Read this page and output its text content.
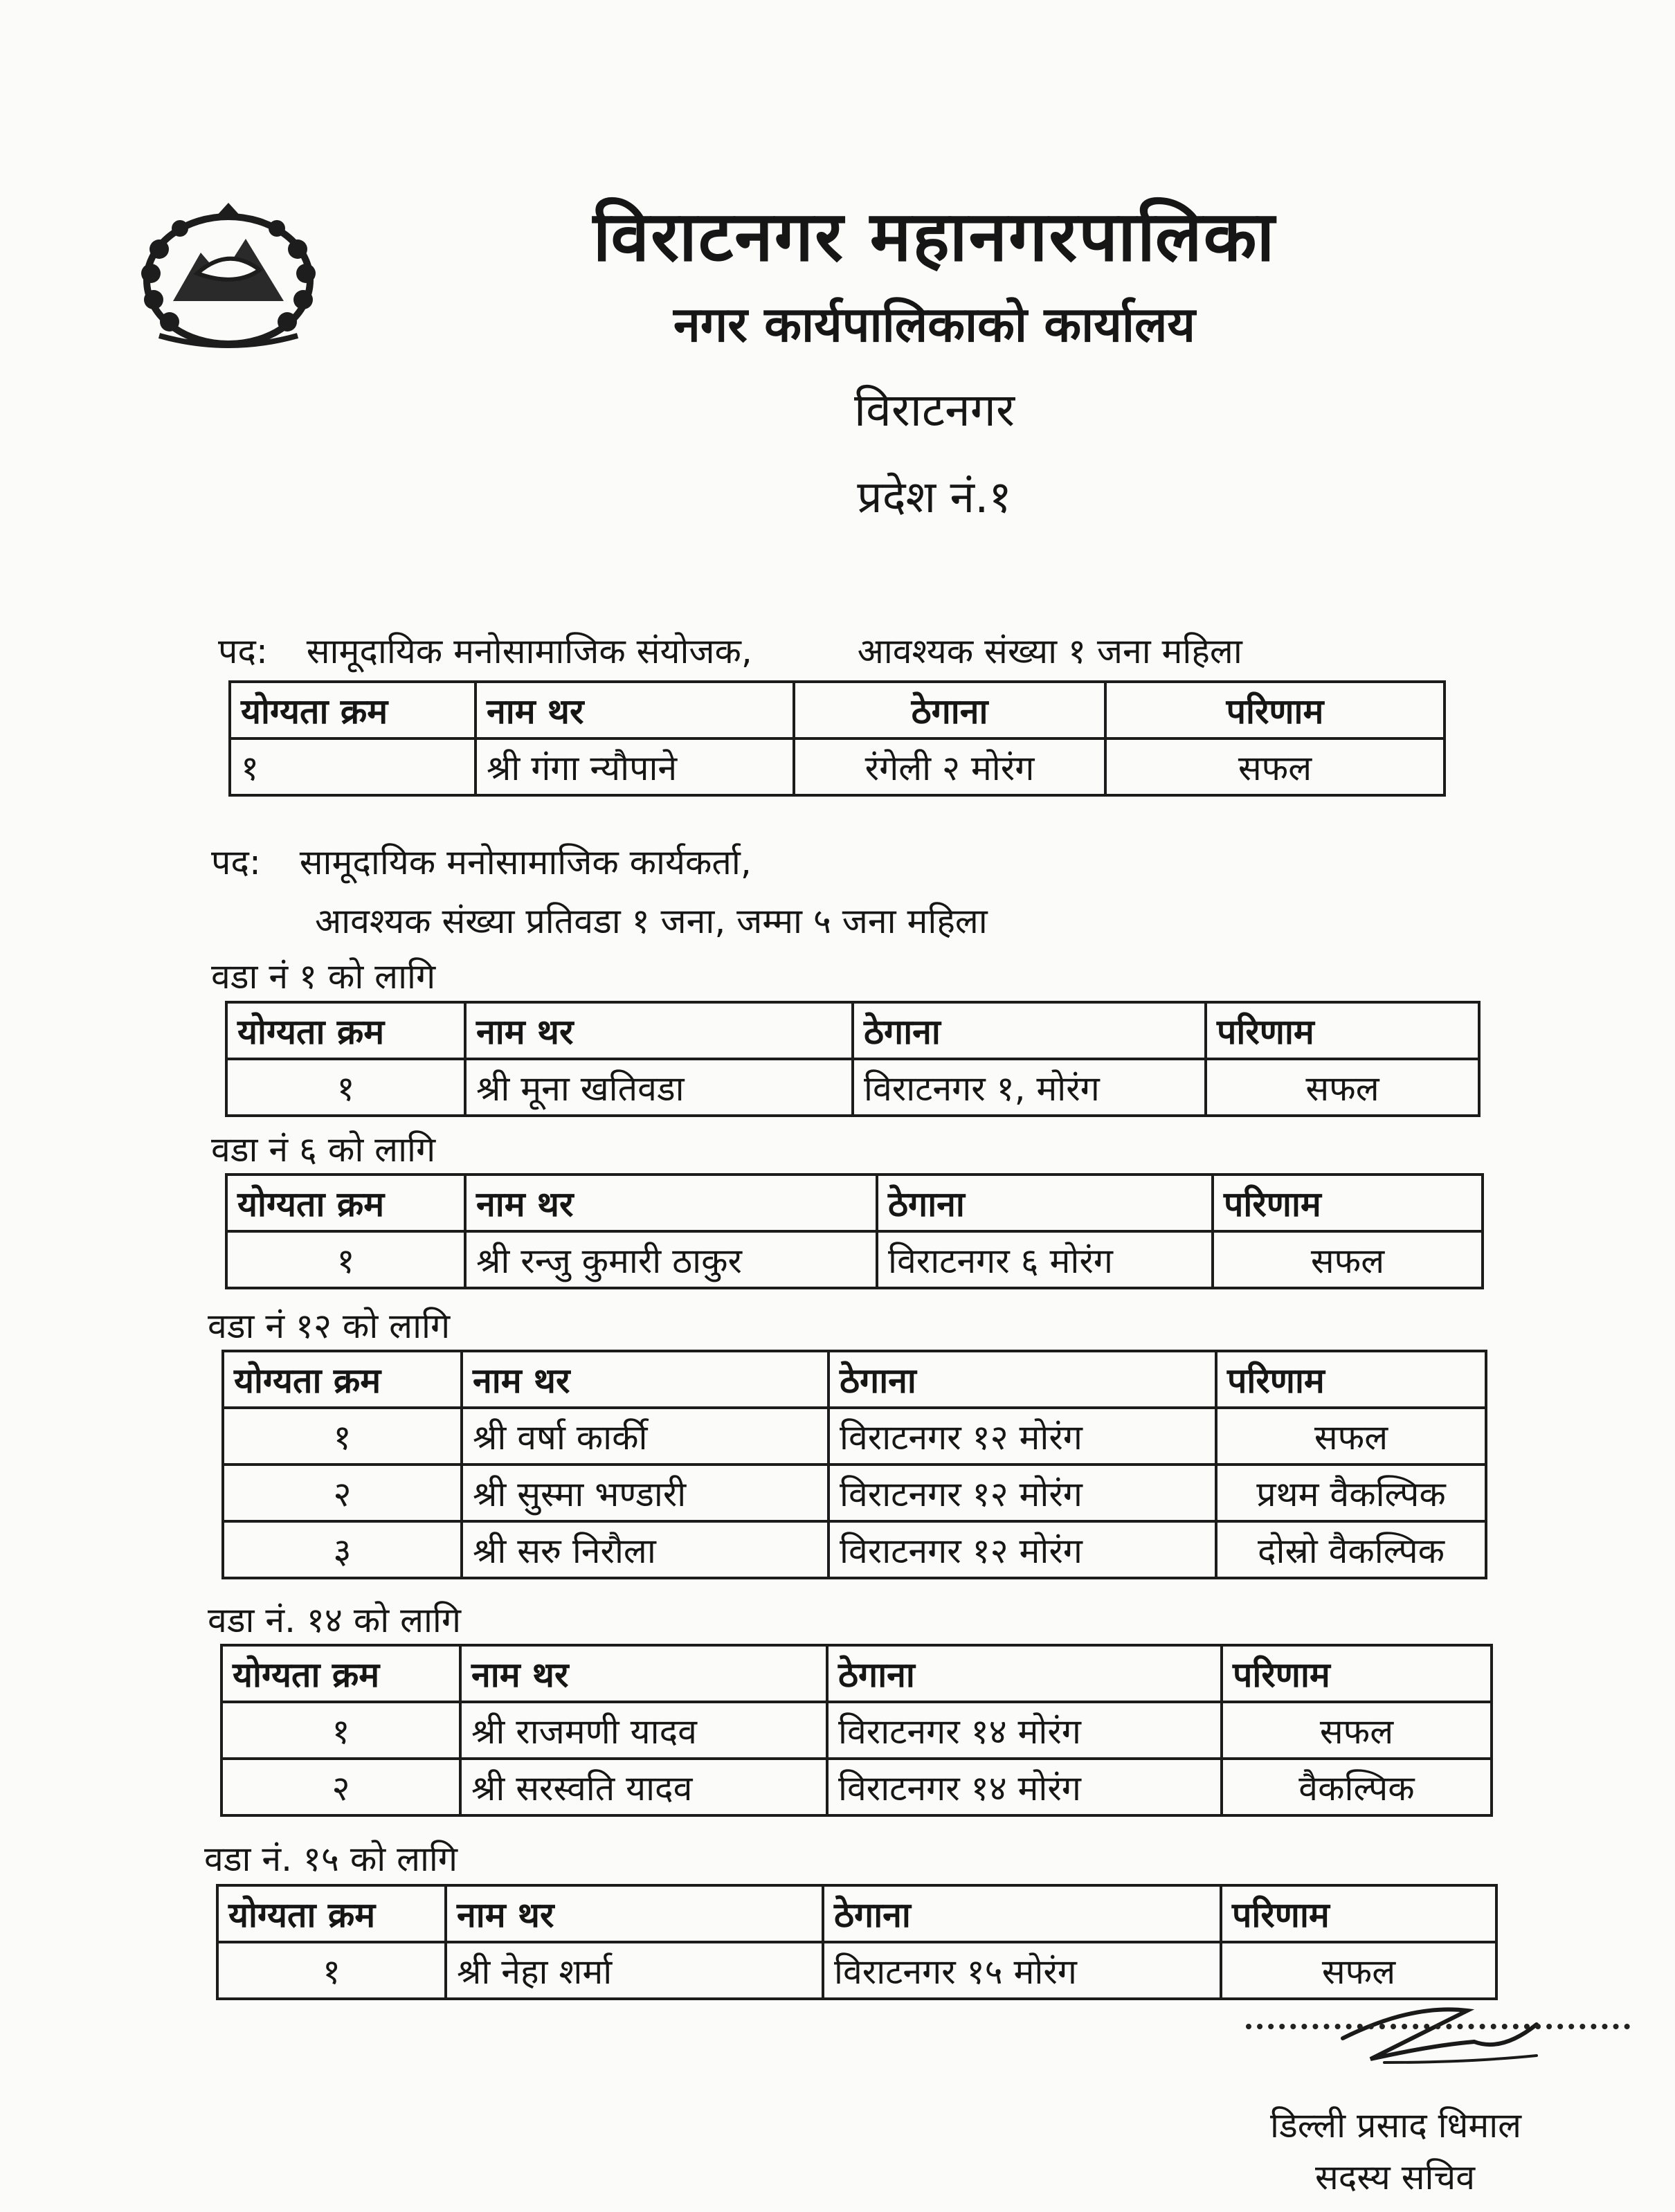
विराटनगर महानगरपालिका
नगर कार्यपालिकाको कार्यालय
विराटनगर
प्रदेश नं.१
पद: सामूदायिक मनोसामाजिक संयोजक,	आवश्यक संख्या १ जना महिला
योग्यता क्रम	नाम थर	ठेगाना	परिणाम
१	श्री गंगा न्यौपाने	रंगेली २ मोरंग	सफल
पद: सामूदायिक मनोसामाजिक कार्यकर्ता,
आवश्यक संख्या प्रतिवडा १ जना, जम्मा ५ जना महिला
वडा नं १ को लागि
योग्यता क्रम	नाम थर	ठेगाना	परिणाम
१	श्री मूना खतिवडा	विराटनगर १, मोरंग	सफल
वडा नं ६ को लागि
योग्यता क्रम	नाम थर	ठेगाना	परिणाम
१	श्री रन्जु कुमारी ठाकुर	विराटनगर ६ मोरंग	सफल
वडा नं १२ को लागि
योग्यता क्रम	नाम थर	ठेगाना	परिणाम
१	श्री वर्षा कार्की	विराटनगर १२ मोरंग	सफल
२	श्री सुस्मा भण्डारी	विराटनगर १२ मोरंग	प्रथम वैकल्पिक
३	श्री सरु निरौला	विराटनगर १२ मोरंग	दोस्रो वैकल्पिक
वडा नं. १४ को लागि
योग्यता क्रम	नाम थर	ठेगाना	परिणाम
१	श्री राजमणी यादव	विराटनगर १४ मोरंग	सफल
२	श्री सरस्वति यादव	विराटनगर १४ मोरंग	वैकल्पिक
वडा नं. १५ को लागि
योग्यता क्रम	नाम थर	ठेगाना	परिणाम
१	श्री नेहा शर्मा	विराटनगर १५ मोरंग	सफल
डिल्ली प्रसाद धिमाल
सदस्य सचिव
